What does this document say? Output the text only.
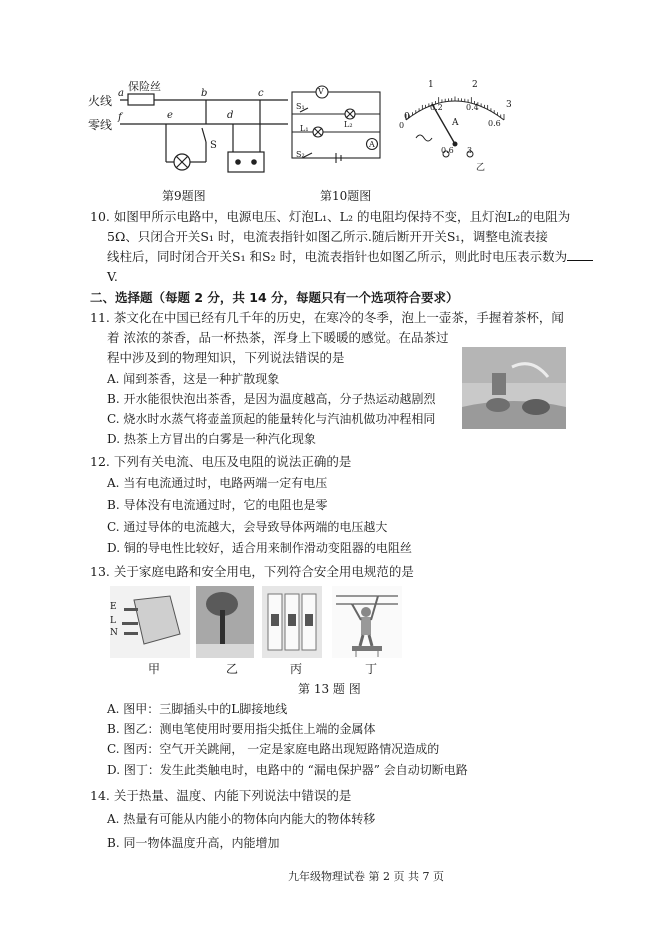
火线
零线
a
f
保险丝
b	c
e	d
S
V
A
S₁
S₂
L₁	L₂
0
1	2
3
0
0.2	0.4
0.6
A
0.6 3
乙
第9题图	第10题图
10. 如图甲所示电路中，电源电压、灯泡L₁、L₂ 的电阻均保持不变，且灯泡L₂的电阻为
5Ω、只闭合开关S₁ 时，电流表指针如图乙所示.随后断开开关S₁，调整电流表接
线柱后，同时闭合开关S₁ 和S₂ 时，电流表指针也如图乙所示，则此时电压表示数为
V.
二、选择题（每题 2 分，共 14 分，每题只有一个选项符合要求）
11. 茶文化在中国已经有几千年的历史，在寒冷的冬季，泡上一壶茶，手握着茶杯，闻
着 浓浓的茶香，品一杯热茶，浑身上下暖暖的感觉。在品茶过
程中涉及到的物理知识，下列说法错误的是
A. 闻到茶香，这是一种扩散现象
B. 开水能很快泡出茶香，是因为温度越高，分子热运动越剧烈
C. 烧水时水蒸气将壶盖顶起的能量转化与汽油机做功冲程相同
D. 热茶上方冒出的白雾是一种汽化现象
12. 下列有关电流、电压及电阻的说法正确的是
A. 当有电流通过时，电路两端一定有电压
B. 导体没有电流通过时，它的电阻也是零
C. 通过导体的电流越大，会导致导体两端的电压越大
D. 铜的导电性比较好，适合用来制作滑动变阻器的电阻丝
13. 关于家庭电路和安全用电，下列符合安全用电规范的是
E
L
N
甲	乙	丙	丁
第 13 题 图
A. 图甲：三脚插头中的L脚接地线
B. 图乙：测电笔使用时要用指尖抵住上端的金属体
C. 图丙：空气开关跳闸， 一定是家庭电路出现短路情况造成的
D. 图丁：发生此类触电时，电路中的 “漏电保护器” 会自动切断电路
14. 关于热量、温度、内能下列说法中错误的是
A. 热量有可能从内能小的物体向内能大的物体转移
B. 同一物体温度升高，内能增加
九年级物理试卷 第 2 页 共 7 页
